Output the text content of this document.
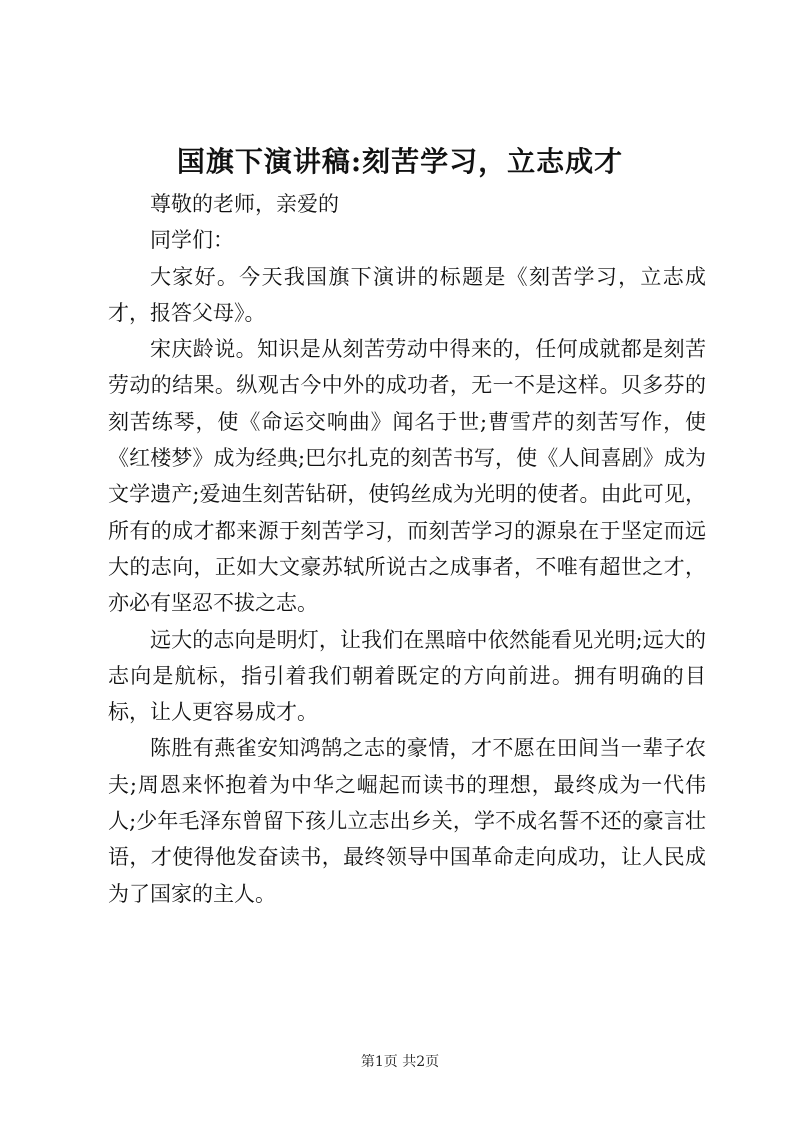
国旗下演讲稿:刻苦学习，立志成才

尊敬的老师，亲爱的

同学们：

大家好。今天我国旗下演讲的标题是《刻苦学习，立志成才，报答父母》。

宋庆龄说。知识是从刻苦劳动中得来的，任何成就都是刻苦劳动的结果。纵观古今中外的成功者，无一不是这样。贝多芬的刻苦练琴，使《命运交响曲》闻名于世;曹雪芹的刻苦写作，使《红楼梦》成为经典;巴尔扎克的刻苦书写，使《人间喜剧》成为文学遗产;爱迪生刻苦钻研，使钨丝成为光明的使者。由此可见，所有的成才都来源于刻苦学习，而刻苦学习的源泉在于坚定而远大的志向，正如大文豪苏轼所说古之成事者，不唯有超世之才，亦必有坚忍不拔之志。

远大的志向是明灯，让我们在黑暗中依然能看见光明;远大的志向是航标，指引着我们朝着既定的方向前进。拥有明确的目标，让人更容易成才。

陈胜有燕雀安知鸿鹄之志的豪情，才不愿在田间当一辈子农夫;周恩来怀抱着为中华之崛起而读书的理想，最终成为一代伟人;少年毛泽东曾留下孩儿立志出乡关，学不成名誓不还的豪言壮语，才使得他发奋读书，最终领导中国革命走向成功，让人民成为了国家的主人。

第1页 共2页
